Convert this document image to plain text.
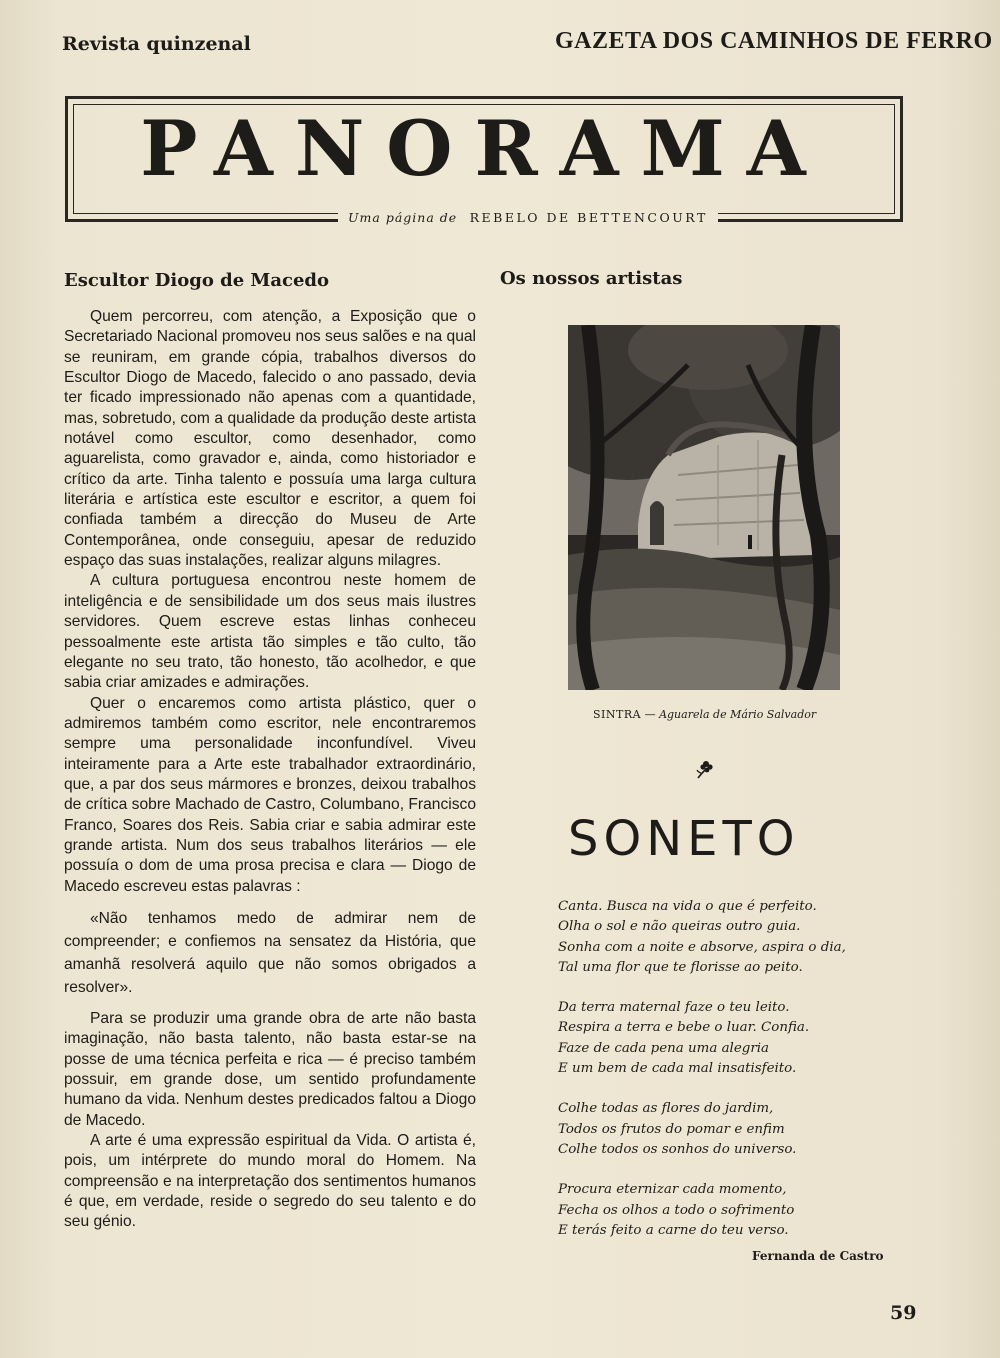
Revista quinzenal	GAZETA DOS CAMINHOS DE FERRO
PANORAMA
Uma página de REBELO DE BETTENCOURT
Escultor Diogo de Macedo

Quem percorreu, com atenção, a Exposição que o Secretariado Nacional promoveu nos seus salões e na qual se reuniram, em grande cópia, trabalhos diversos do Escultor Diogo de Macedo, falecido o ano passado, devia ter ficado impressionado não apenas com a quantidade, mas, sobretudo, com a qualidade da produção deste artista notável como escultor, como desenhador, como aguarelista, como gravador e, ainda, como historiador e crítico da arte. Tinha talento e possuía uma larga cultura literária e artística este escultor e escritor, a quem foi confiada também a direcção do Museu de Arte Contemporânea, onde conseguiu, apesar de reduzido espaço das suas instalações, realizar alguns milagres.

A cultura portuguesa encontrou neste homem de inteligência e de sensibilidade um dos seus mais ilustres servidores. Quem escreve estas linhas conheceu pessoalmente este artista tão simples e tão culto, tão elegante no seu trato, tão honesto, tão acolhedor, e que sabia criar amizades e admirações.

Quer o encaremos como artista plástico, quer o admiremos também como escritor, nele encontraremos sempre uma personalidade inconfundível. Viveu inteiramente para a Arte este trabalhador extraordinário, que, a par dos seus mármores e bronzes, deixou trabalhos de crítica sobre Machado de Castro, Columbano, Francisco Franco, Soares dos Reis. Sabia criar e sabia admirar este grande artista. Num dos seus trabalhos literários — ele possuía o dom de uma prosa precisa e clara — Diogo de Macedo escreveu estas palavras :

«Não tenhamos medo de admirar nem de compreender; e confiemos na sensatez da História, que amanhã resolverá aquilo que não somos obrigados a resolver».

Para se produzir uma grande obra de arte não basta imaginação, não basta talento, não basta estar-se na posse de uma técnica perfeita e rica — é preciso também possuir, em grande dose, um sentido profundamente humano da vida. Nenhum destes predicados faltou a Diogo de Macedo.

A arte é uma expressão espiritual da Vida. O artista é, pois, um intérprete do mundo moral do Homem. Na compreensão e na interpretação dos sentimentos humanos é que, em verdade, reside o segredo do seu talento e do seu génio.

Os nossos artistas
SINTRA — Aguarela de Mário Salvador
SONETO
Canta. Busca na vida o que é perfeito.
Olha o sol e não queiras outro guia.
Sonha com a noite e absorve, aspira o dia,
Tal uma flor que te florisse ao peito.
Da terra maternal faze o teu leito.
Respira a terra e bebe o luar. Confia.
Faze de cada pena uma alegria
E um bem de cada mal insatisfeito.
Colhe todas as flores do jardim,
Todos os frutos do pomar e enfim
Colhe todos os sonhos do universo.
Procura eternizar cada momento,
Fecha os olhos a todo o sofrimento
E terás feito a carne do teu verso.
Fernanda de Castro
59
